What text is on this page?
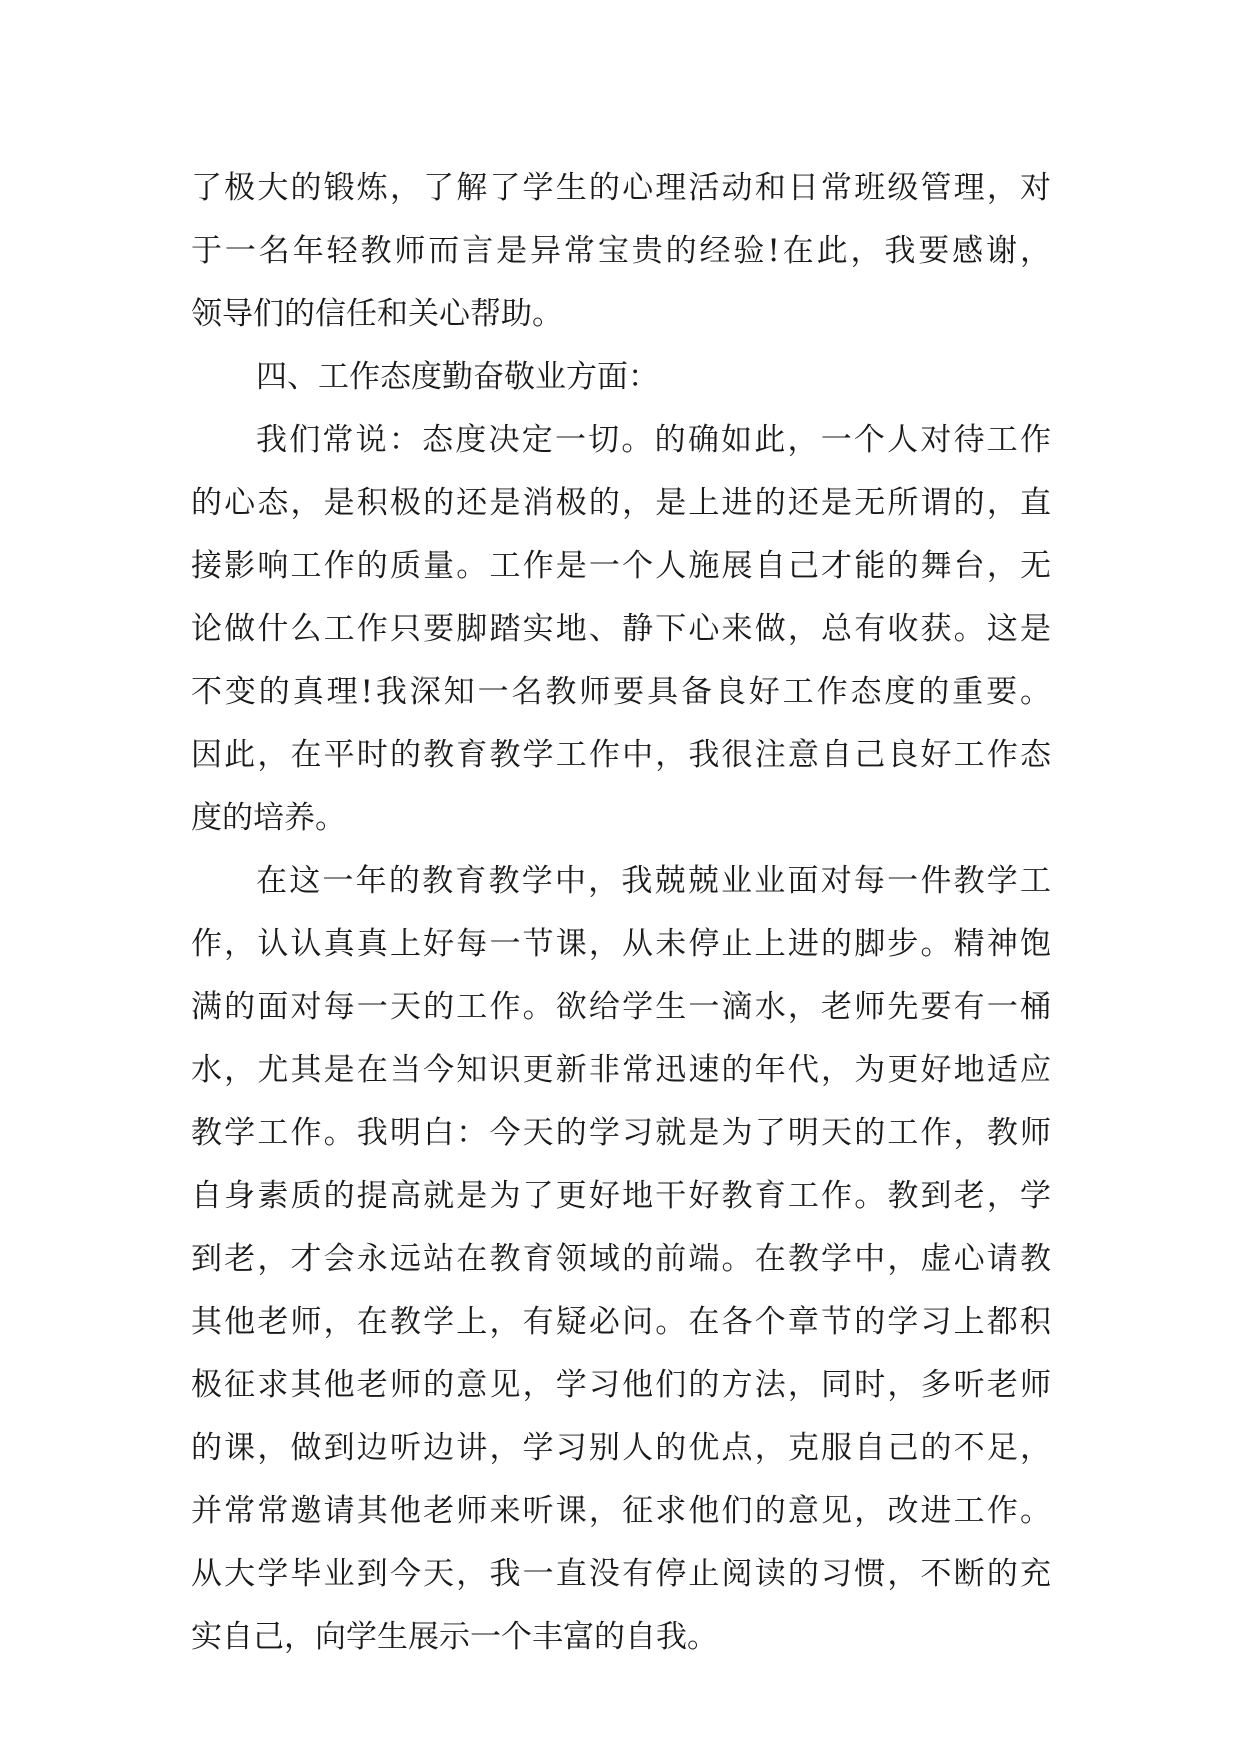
了极大的锻炼，了解了学生的心理活动和日常班级管理，对
于一名年轻教师而言是异常宝贵的经验!在此，我要感谢，
领导们的信任和关心帮助。
四、工作态度勤奋敬业方面：
我们常说：态度决定一切。的确如此，一个人对待工作
的心态，是积极的还是消极的，是上进的还是无所谓的，直
接影响工作的质量。工作是一个人施展自己才能的舞台，无
论做什么工作只要脚踏实地、静下心来做，总有收获。这是
不变的真理!我深知一名教师要具备良好工作态度的重要。
因此，在平时的教育教学工作中，我很注意自己良好工作态
度的培养。
在这一年的教育教学中，我兢兢业业面对每一件教学工
作，认认真真上好每一节课，从未停止上进的脚步。精神饱
满的面对每一天的工作。欲给学生一滴水，老师先要有一桶
水，尤其是在当今知识更新非常迅速的年代，为更好地适应
教学工作。我明白：今天的学习就是为了明天的工作，教师
自身素质的提高就是为了更好地干好教育工作。教到老，学
到老，才会永远站在教育领域的前端。在教学中，虚心请教
其他老师，在教学上，有疑必问。在各个章节的学习上都积
极征求其他老师的意见，学习他们的方法，同时，多听老师
的课，做到边听边讲，学习别人的优点，克服自己的不足，
并常常邀请其他老师来听课，征求他们的意见，改进工作。
从大学毕业到今天，我一直没有停止阅读的习惯，不断的充
实自己，向学生展示一个丰富的自我。
